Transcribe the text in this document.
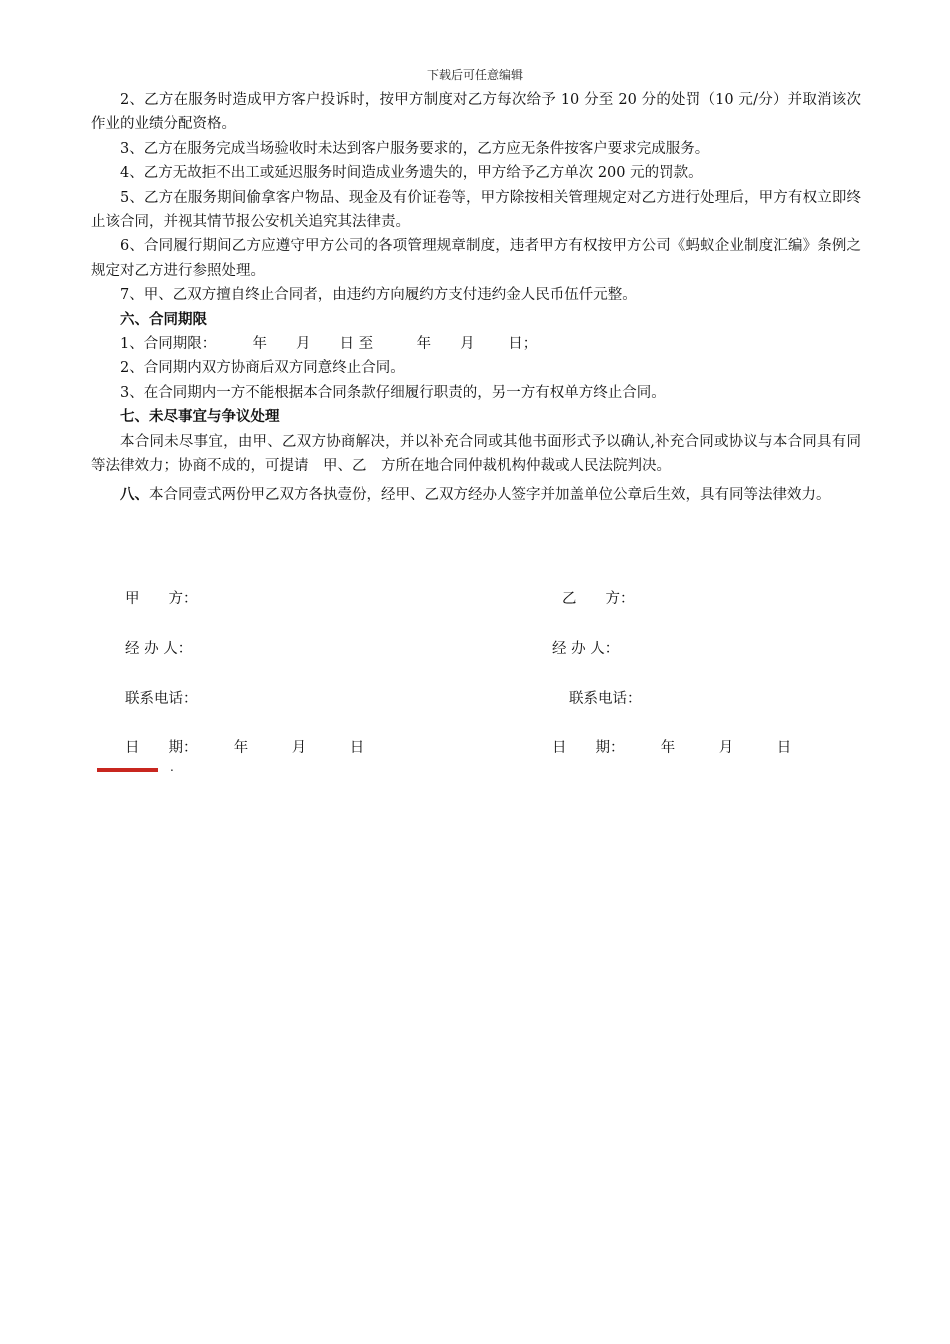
下载后可任意编辑

2、乙方在服务时造成甲方客户投诉时，按甲方制度对乙方每次给予 10 分至 20 分的处罚（10 元/分）并取消该次作业的业绩分配资格。

3、乙方在服务完成当场验收时未达到客户服务要求的，乙方应无条件按客户要求完成服务。

4、乙方无故拒不出工或延迟服务时间造成业务遗失的，甲方给予乙方单次 200 元的罚款。

5、乙方在服务期间偷拿客户物品、现金及有价证卷等，甲方除按相关管理规定对乙方进行处理后，甲方有权立即终止该合同，并视其情节报公安机关追究其法律责。

6、合同履行期间乙方应遵守甲方公司的各项管理规章制度，违者甲方有权按甲方公司《蚂蚁企业制度汇编》条例之规定对乙方进行参照处理。

7、甲、乙双方擅自终止合同者，由违约方向履约方支付违约金人民币伍仟元整。

六、合同期限

1、合同期限：　　　年　　月　　日 至　　　年　　月　　 日；

2、合同期内双方协商后双方同意终止合同。

3、在合同期内一方不能根据本合同条款仔细履行职责的，另一方有权单方终止合同。

七、未尽事宜与争议处理

本合同未尽事宜，由甲、乙双方协商解决，并以补充合同或其他书面形式予以确认,补充合同或协议与本合同具有同等法律效力；协商不成的，可提请　甲、乙　方所在地合同仲裁机构仲裁或人民法院判决。

八、本合同壹式两份甲乙双方各执壹份，经甲、乙双方经办人签字并加盖单位公章后生效，具有同等法律效力。

甲　　方：	乙　　方：
经 办 人：	经 办 人：
联系电话：	联系电话：
日　　期：　　　年　　　月　　　日	日　　期：　　　年　　　月　　　日
.
